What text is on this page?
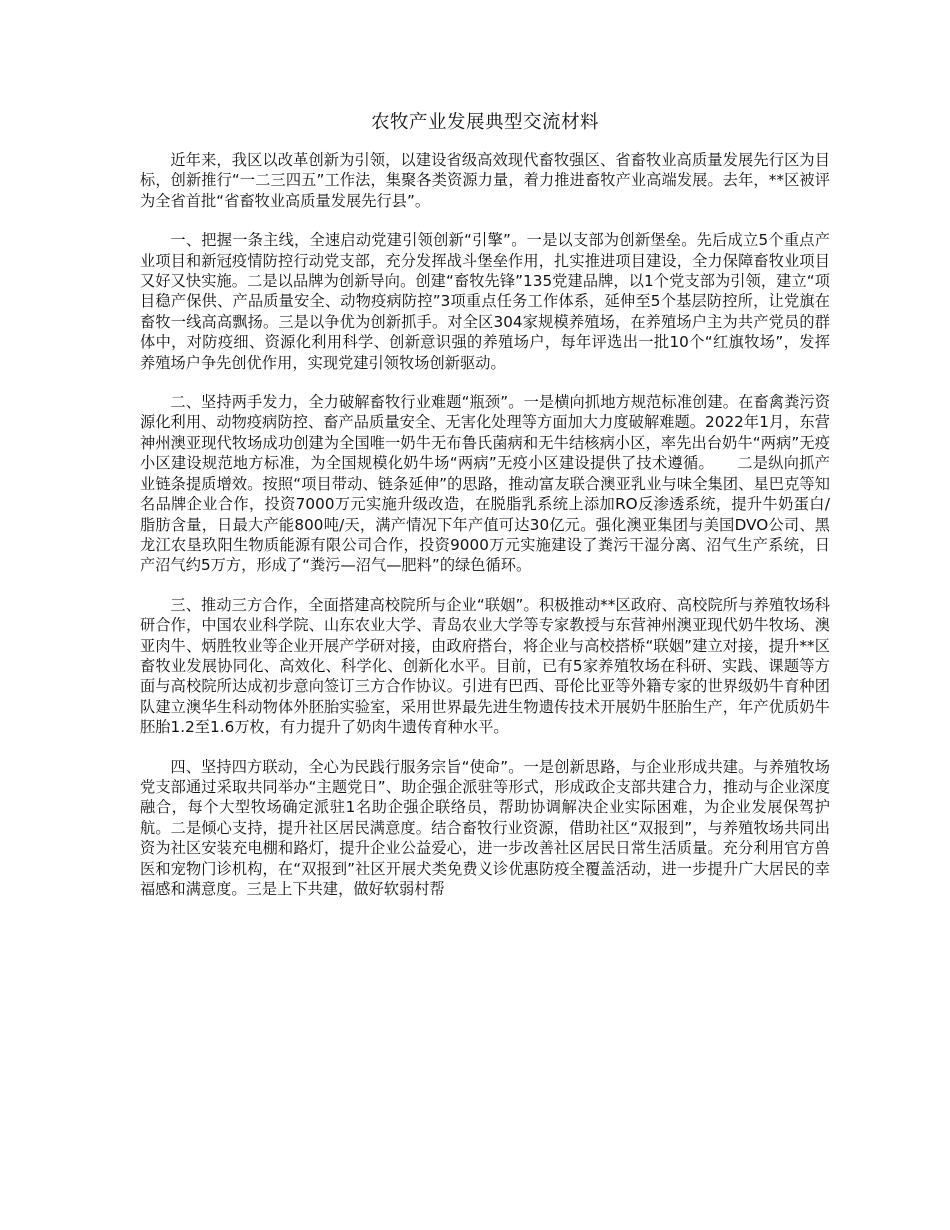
农牧产业发展典型交流材料

近年来，我区以改革创新为引领，以建设省级高效现代畜牧强区、省畜牧业高质量发展先行区为目标，创新推行“一二三四五”工作法，集聚各类资源力量，着力推进畜牧产业高端发展。去年，**区被评为全省首批“省畜牧业高质量发展先行县”。

一、把握一条主线，全速启动党建引领创新“引擎”。一是以支部为创新堡垒。先后成立5个重点产业项目和新冠疫情防控行动党支部，充分发挥战斗堡垒作用，扎实推进项目建设，全力保障畜牧业项目又好又快实施。二是以品牌为创新导向。创建“畜牧先锋”135党建品牌，以1个党支部为引领，建立“项目稳产保供、产品质量安全、动物疫病防控”3项重点任务工作体系，延伸至5个基层防控所，让党旗在畜牧一线高高飘扬。三是以争优为创新抓手。对全区304家规模养殖场，在养殖场户主为共产党员的群体中，对防疫细、资源化利用科学、创新意识强的养殖场户，每年评选出一批10个“红旗牧场”，发挥养殖场户争先创优作用，实现党建引领牧场创新驱动。

二、坚持两手发力，全力破解畜牧行业难题“瓶颈”。一是横向抓地方规范标准创建。在畜禽粪污资源化利用、动物疫病防控、畜产品质量安全、无害化处理等方面加大力度破解难题。2022年1月，东营神州澳亚现代牧场成功创建为全国唯一奶牛无布鲁氏菌病和无牛结核病小区，率先出台奶牛“两病”无疫小区建设规范地方标准，为全国规模化奶牛场“两病”无疫小区建设提供了技术遵循。　　二是纵向抓产业链条提质增效。按照“项目带动、链条延伸”的思路，推动富友联合澳亚乳业与味全集团、星巴克等知名品牌企业合作，投资7000万元实施升级改造，在脱脂乳系统上添加RO反渗透系统，提升牛奶蛋白/脂肪含量，日最大产能800吨/天，满产情况下年产值可达30亿元。强化澳亚集团与美国DVO公司、黑龙江农垦玖阳生物质能源有限公司合作，投资9000万元实施建设了粪污干湿分离、沼气生产系统，日产沼气约5万方，形成了“粪污—沼气—肥料”的绿色循环。

三、推动三方合作，全面搭建高校院所与企业“联姻”。积极推动**区政府、高校院所与养殖牧场科研合作，中国农业科学院、山东农业大学、青岛农业大学等专家教授与东营神州澳亚现代奶牛牧场、澳亚肉牛、炳胜牧业等企业开展产学研对接，由政府搭台，将企业与高校搭桥“联姻”建立对接，提升**区畜牧业发展协同化、高效化、科学化、创新化水平。目前，已有5家养殖牧场在科研、实践、课题等方面与高校院所达成初步意向签订三方合作协议。引进有巴西、哥伦比亚等外籍专家的世界级奶牛育种团队建立澳华生科动物体外胚胎实验室，采用世界最先进生物遗传技术开展奶牛胚胎生产，年产优质奶牛胚胎1.2至1.6万枚，有力提升了奶肉牛遗传育种水平。

四、坚持四方联动，全心为民践行服务宗旨“使命”。一是创新思路，与企业形成共建。与养殖牧场党支部通过采取共同举办“主题党日”、助企强企派驻等形式，形成政企支部共建合力，推动与企业深度融合，每个大型牧场确定派驻1名助企强企联络员，帮助协调解决企业实际困难，为企业发展保驾护航。二是倾心支持，提升社区居民满意度。结合畜牧行业资源，借助社区“双报到”，与养殖牧场共同出资为社区安装充电棚和路灯，提升企业公益爱心，进一步改善社区居民日常生活质量。充分利用官方兽医和宠物门诊机构，在“双报到”社区开展犬类免费义诊优惠防疫全覆盖活动，进一步提升广大居民的幸福感和满意度。三是上下共建，做好软弱村帮
